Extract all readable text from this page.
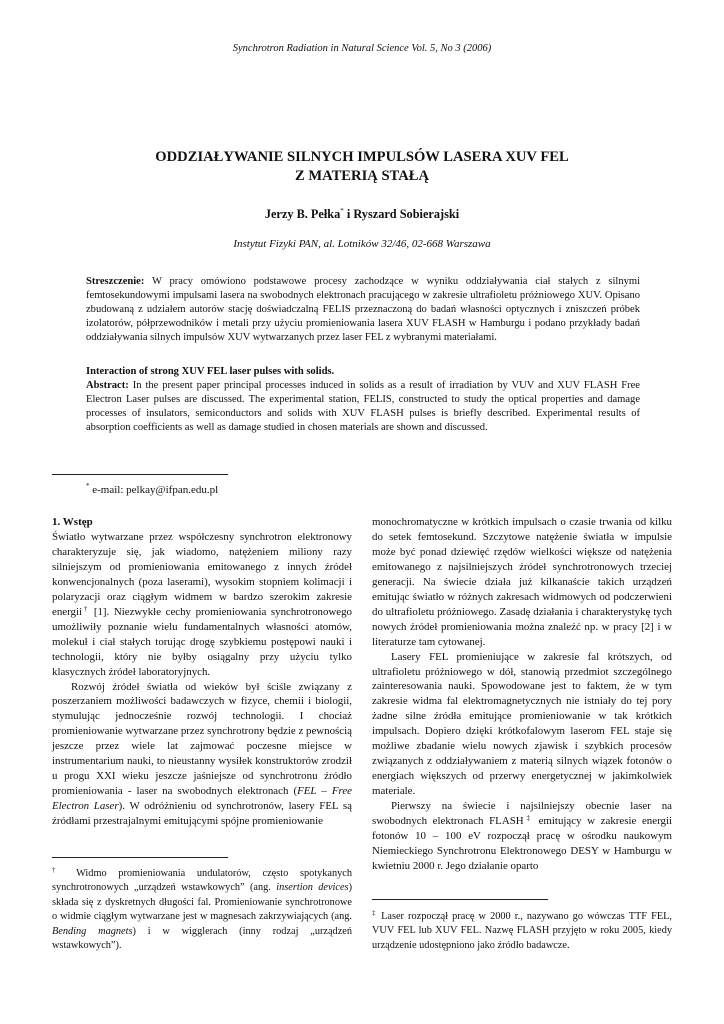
Synchrotron Radiation in Natural Science Vol. 5, No 3 (2006)
ODDZIAŁYWANIE SILNYCH IMPULSÓW LASERA XUV FEL
Z MATERIĄ STAŁĄ
Jerzy B. Pełka* i Ryszard Sobierajski
Instytut Fizyki PAN, al. Lotników 32/46, 02-668 Warszawa
Streszczenie: W pracy omówiono podstawowe procesy zachodzące w wyniku oddziaływania ciał stałych z silnymi femtosekundowymi impulsami lasera na swobodnych elektronach pracującego w zakresie ultrafioletu próżniowego XUV. Opisano zbudowaną z udziałem autorów stację doświadczalną FELIS przeznaczoną do badań własności optycznych i zniszczeń próbek izolatorów, półprzewodników i metali przy użyciu promieniowania lasera XUV FLASH w Hamburgu i podano przykłady badań oddziaływania silnych impulsów XUV wytwarzanych przez laser FEL z wybranymi materiałami.
Interaction of strong XUV FEL laser pulses with solids.
Abstract: In the present paper principal processes induced in solids as a result of irradiation by VUV and XUV FLASH Free Electron Laser pulses are discussed. The experimental station, FELIS, constructed to study the optical properties and damage processes of insulators, semiconductors and solids with XUV FLASH pulses is briefly described. Experimental results of absorption coefficients as well as damage studied in chosen materials are shown and discussed.
* e-mail: pelkay@ifpan.edu.pl
1. Wstęp

Światło wytwarzane przez współczesny synchrotron elektronowy charakteryzuje się, jak wiadomo, natężeniem miliony razy silniejszym od promieniowania emitowanego z innych źródeł konwencjonalnych (poza laserami), wysokim stopniem kolimacji i polaryzacji oraz ciągłym widmem w bardzo szerokim zakresie energii† [1]. Niezwykłe cechy promieniowania synchrotronowego umożliwiły poznanie wielu fundamentalnych własności atomów, molekuł i ciał stałych torując drogę szybkiemu postępowi nauki i technologii, który nie byłby osiągalny przy użyciu tylko klasycznych źródeł laboratoryjnych.

Rozwój źródeł światła od wieków był ściśle związany z poszerzaniem możliwości badawczych w fizyce, chemii i biologii, stymulując jednocześnie rozwój technologii. I chociaż promieniowanie wytwarzane przez synchrotrony będzie z pewnością jeszcze przez wiele lat zajmować poczesne miejsce w instrumentarium nauki, to nieustanny wysiłek konstruktorów zrodził u progu XXI wieku jeszcze jaśniejsze od synchrotronu źródło promieniowania - laser na swobodnych elektronach (FEL – Free Electron Laser). W odróżnieniu od synchrotronów, lasery FEL są źródłami przestrajalnymi emitującymi spójne promieniowanie

† Widmo promieniowania undulatorów, często spotykanych synchrotronowych „urządzeń wstawkowych” (ang. insertion devices) składa się z dyskretnych długości fal. Promieniowanie synchrotronowe o widmie ciągłym wytwarzane jest w magnesach zakrzywiających (ang. Bending magnets) i w wigglerach (inny rodzaj „urządzeń wstawkowych”).

monochromatyczne w krótkich impulsach o czasie trwania od kilku do setek femtosekund. Szczytowe natężenie światła w impulsie może być ponad dziewięć rzędów wielkości większe od natężenia emitowanego z najsilniejszych źródeł synchrotronowych trzeciej generacji. Na świecie działa już kilkanaście takich urządzeń emitując światło w różnych zakresach widmowych od podczerwieni do ultrafioletu próżniowego. Zasadę działania i charakterystykę tych nowych źródeł promieniowania można znaleźć np. w pracy [2] i w literaturze tam cytowanej.

Lasery FEL promieniujące w zakresie fal krótszych, od ultrafioletu próżniowego w dół, stanowią przedmiot szczególnego zainteresowania nauki. Spowodowane jest to faktem, że w tym zakresie widma fal elektromagnetycznych nie istniały do tej pory żadne silne źródła emitujące promieniowanie w tak krótkich impulsach. Dopiero dzięki krótkofalowym laserom FEL staje się możliwe zbadanie wielu nowych zjawisk i szybkich procesów związanych z oddziaływaniem z materią silnych wiązek fotonów o energiach większych od przerwy energetycznej w jakimkolwiek materiale.

Pierwszy na świecie i najsilniejszy obecnie laser na swobodnych elektronach FLASH‡ emitujący w zakresie energii fotonów 10 – 100 eV rozpoczął pracę w ośrodku naukowym Niemieckiego Synchrotronu Elektronowego DESY w Hamburgu w kwietniu 2000 r. Jego działanie oparto

‡ Laser rozpoczął pracę w 2000 r., nazywano go wówczas TTF FEL, VUV FEL lub XUV FEL. Nazwę FLASH przyjęto w roku 2005, kiedy urządzenie udostępniono jako źródło badawcze.
